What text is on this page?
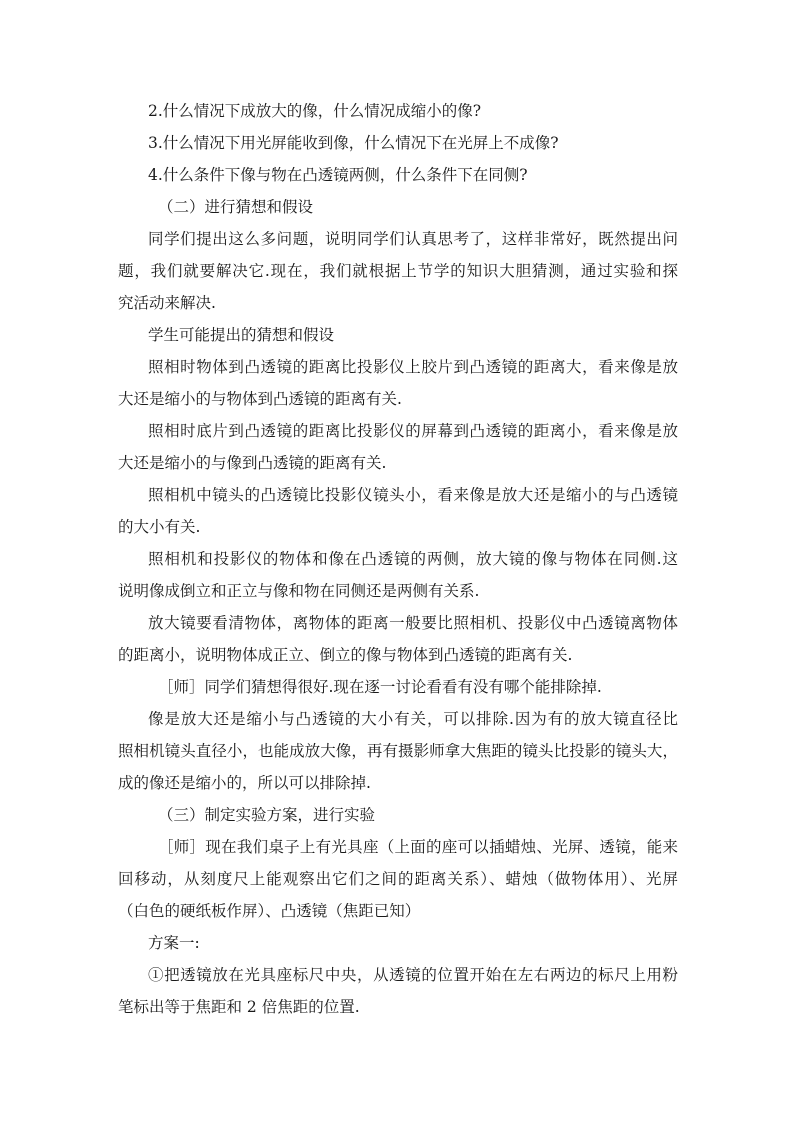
2.什么情况下成放大的像，什么情况成缩小的像?
3.什么情况下用光屏能收到像，什么情况下在光屏上不成像?
4.什么条件下像与物在凸透镜两侧，什么条件下在同侧?
（二）进行猜想和假设
同学们提出这么多问题，说明同学们认真思考了，这样非常好，既然提出问
题，我们就要解决它.现在，我们就根据上节学的知识大胆猜测，通过实验和探
究活动来解决.
学生可能提出的猜想和假设
照相时物体到凸透镜的距离比投影仪上胶片到凸透镜的距离大，看来像是放
大还是缩小的与物体到凸透镜的距离有关.
照相时底片到凸透镜的距离比投影仪的屏幕到凸透镜的距离小，看来像是放
大还是缩小的与像到凸透镜的距离有关.
照相机中镜头的凸透镜比投影仪镜头小，看来像是放大还是缩小的与凸透镜
的大小有关.
照相机和投影仪的物体和像在凸透镜的两侧，放大镜的像与物体在同侧.这
说明像成倒立和正立与像和物在同侧还是两侧有关系.
放大镜要看清物体，离物体的距离一般要比照相机、投影仪中凸透镜离物体
的距离小，说明物体成正立、倒立的像与物体到凸透镜的距离有关.
［师］同学们猜想得很好.现在逐一讨论看看有没有哪个能排除掉.
像是放大还是缩小与凸透镜的大小有关，可以排除.因为有的放大镜直径比
照相机镜头直径小，也能成放大像，再有摄影师拿大焦距的镜头比投影的镜头大，
成的像还是缩小的，所以可以排除掉.
（三）制定实验方案，进行实验
［师］现在我们桌子上有光具座（上面的座可以插蜡烛、光屏、透镜，能来
回移动，从刻度尺上能观察出它们之间的距离关系）、蜡烛（做物体用）、光屏
（白色的硬纸板作屏）、凸透镜（焦距已知）
方案一:
①把透镜放在光具座标尺中央，从透镜的位置开始在左右两边的标尺上用粉
笔标出等于焦距和 2 倍焦距的位置.
